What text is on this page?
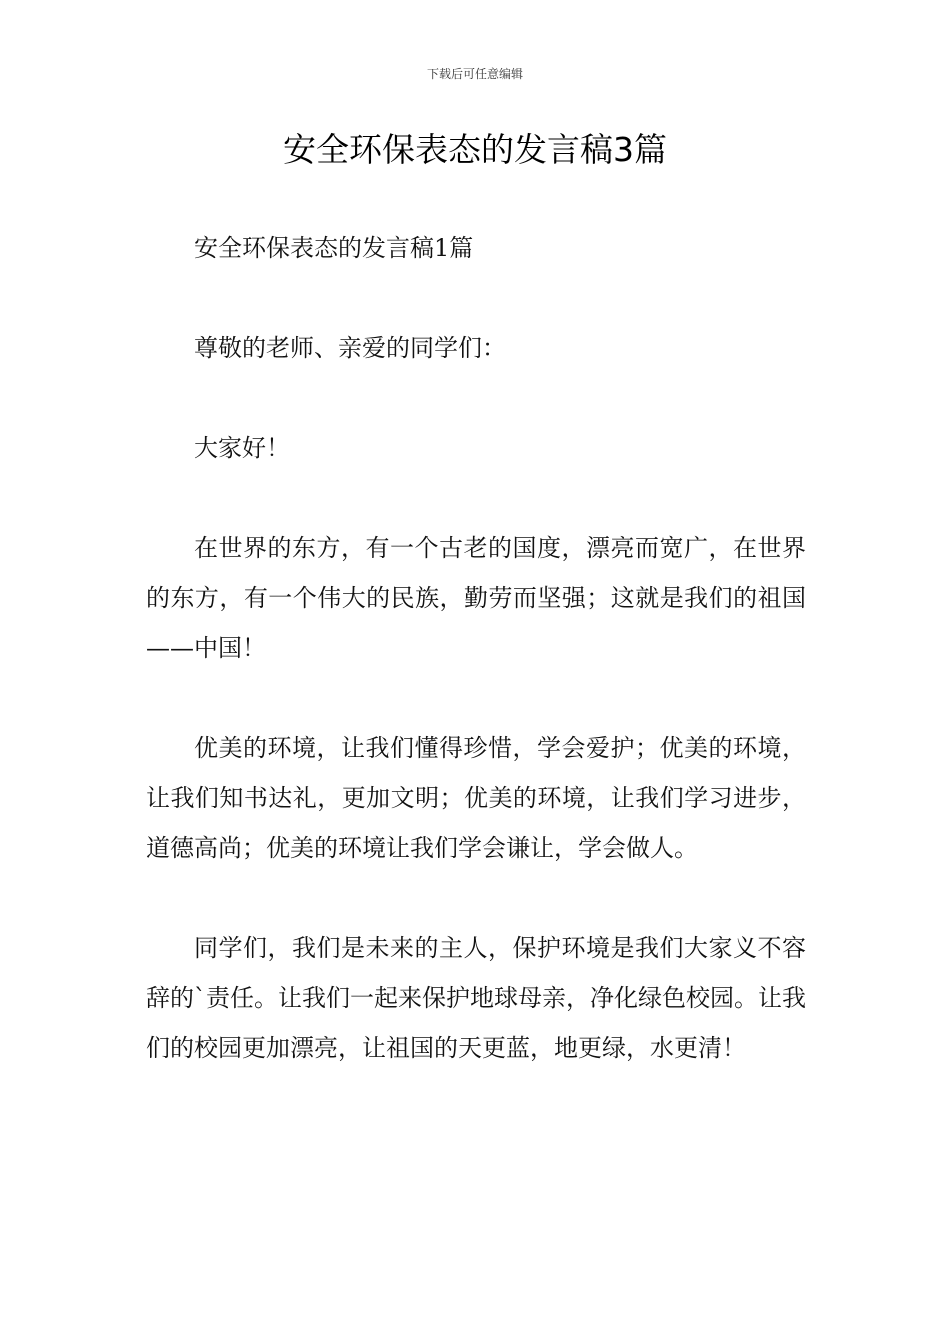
下载后可任意编辑
安全环保表态的发言稿3篇

安全环保表态的发言稿1篇

尊敬的老师、亲爱的同学们：

大家好！

在世界的东方，有一个古老的国度，漂亮而宽广，在世界的东方，有一个伟大的民族，勤劳而坚强；这就是我们的祖国——中国！

优美的环境，让我们懂得珍惜，学会爱护；优美的环境，让我们知书达礼，更加文明；优美的环境，让我们学习进步，道德高尚；优美的环境让我们学会谦让，学会做人。

同学们，我们是未来的主人，保护环境是我们大家义不容辞的`责任。让我们一起来保护地球母亲，净化绿色校园。让我们的校园更加漂亮，让祖国的天更蓝，地更绿，水更清！
